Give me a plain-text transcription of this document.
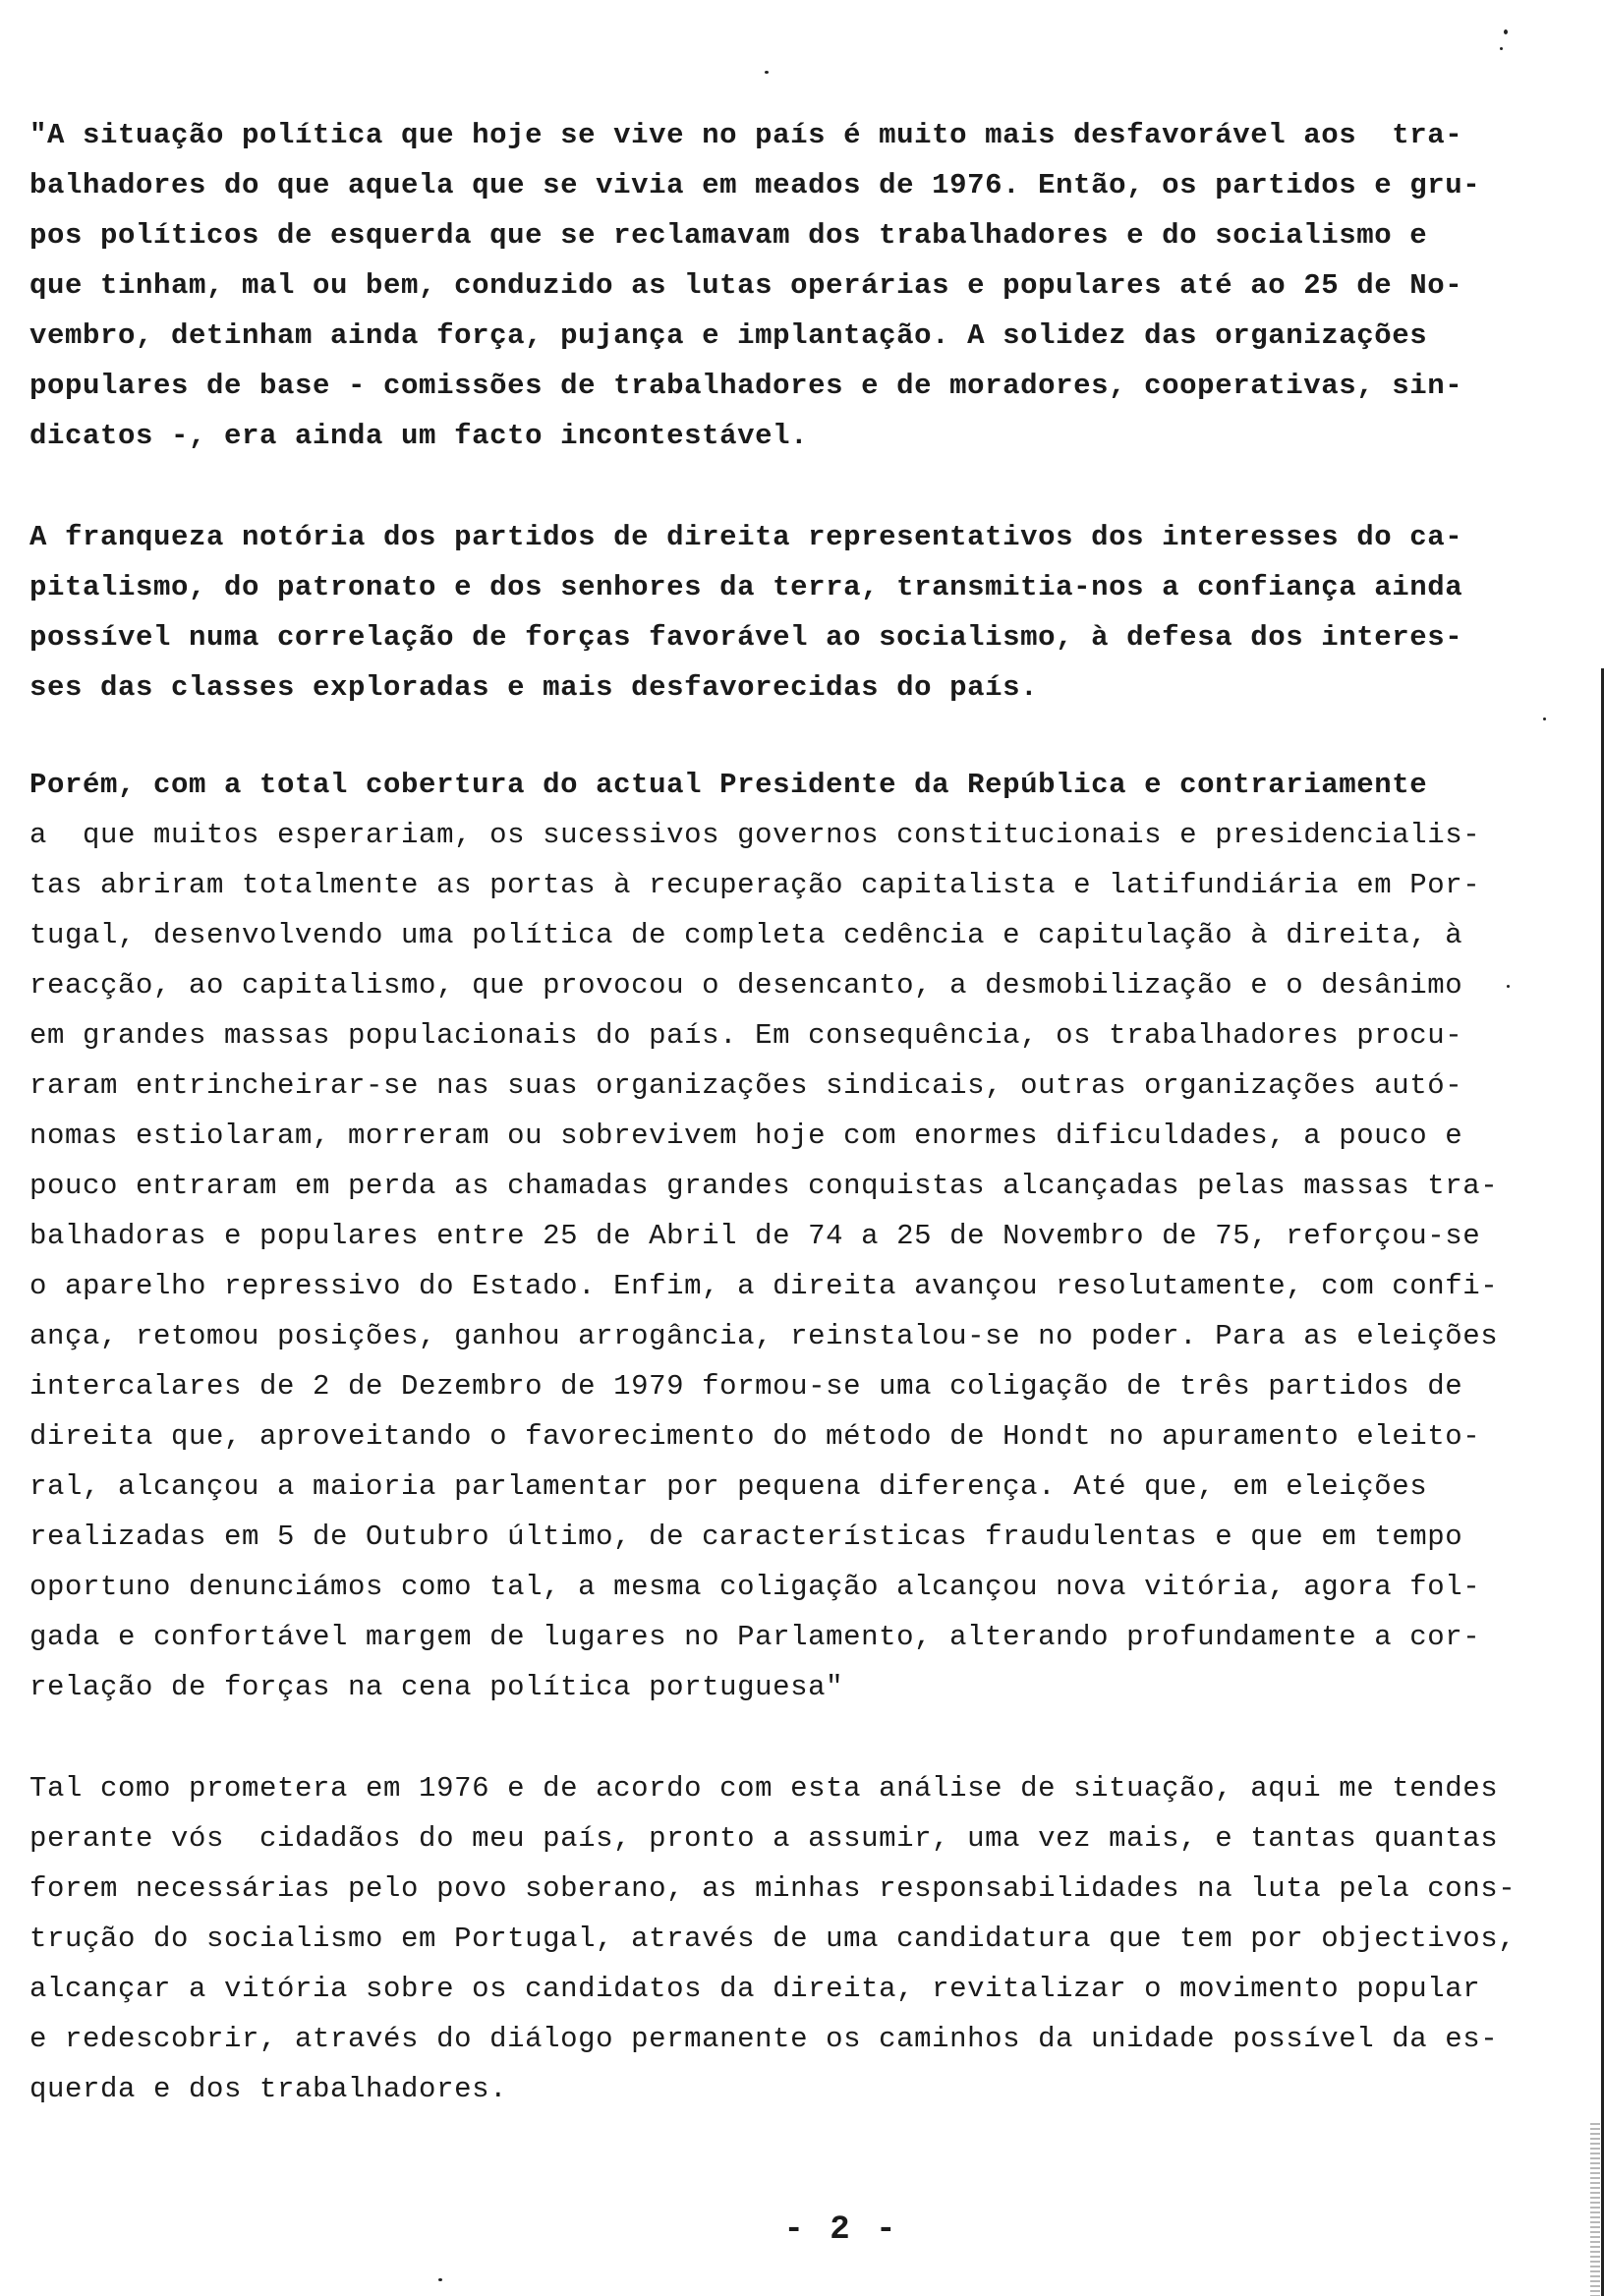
"A situação política que hoje se vive no país é muito mais desfavorável aos  tra-
balhadores do que aquela que se vivia em meados de 1976. Então, os partidos e gru-
pos políticos de esquerda que se reclamavam dos trabalhadores e do socialismo e
que tinham, mal ou bem, conduzido as lutas operárias e populares até ao 25 de No-
vembro, detinham ainda força, pujança e implantação. A solidez das organizações
populares de base - comissões de trabalhadores e de moradores, cooperativas, sin-
dicatos -, era ainda um facto incontestável.
A franqueza notória dos partidos de direita representativos dos interesses do ca-
pitalismo, do patronato e dos senhores da terra, transmitia-nos a confiança ainda
possível numa correlação de forças favorável ao socialismo, à defesa dos interes-
ses das classes exploradas e mais desfavorecidas do país.
Porém, com a total cobertura do actual Presidente da República e contrariamente
a  que muitos esperariam, os sucessivos governos constitucionais e presidencialis-
tas abriram totalmente as portas à recuperação capitalista e latifundiária em Por-
tugal, desenvolvendo uma política de completa cedência e capitulação à direita, à
reacção, ao capitalismo, que provocou o desencanto, a desmobilização e o desânimo
em grandes massas populacionais do país. Em consequência, os trabalhadores procu-
raram entrincheirar-se nas suas organizações sindicais, outras organizações autó-
nomas estiolaram, morreram ou sobrevivem hoje com enormes dificuldades, a pouco e
pouco entraram em perda as chamadas grandes conquistas alcançadas pelas massas tra-
balhadoras e populares entre 25 de Abril de 74 a 25 de Novembro de 75, reforçou-se
o aparelho repressivo do Estado. Enfim, a direita avançou resolutamente, com confi-
ança, retomou posições, ganhou arrogância, reinstalou-se no poder. Para as eleições
intercalares de 2 de Dezembro de 1979 formou-se uma coligação de três partidos de
direita que, aproveitando o favorecimento do método de Hondt no apuramento eleito-
ral, alcançou a maioria parlamentar por pequena diferença. Até que, em eleições
realizadas em 5 de Outubro último, de características fraudulentas e que em tempo
oportuno denunciámos como tal, a mesma coligação alcançou nova vitória, agora fol-
gada e confortável margem de lugares no Parlamento, alterando profundamente a cor-
relação de forças na cena política portuguesa"
Tal como prometera em 1976 e de acordo com esta análise de situação, aqui me tendes
perante vós  cidadãos do meu país, pronto a assumir, uma vez mais, e tantas quantas
forem necessárias pelo povo soberano, as minhas responsabilidades na luta pela cons-
trução do socialismo em Portugal, através de uma candidatura que tem por objectivos,
alcançar a vitória sobre os candidatos da direita, revitalizar o movimento popular
e redescobrir, através do diálogo permanente os caminhos da unidade possível da es-
querda e dos trabalhadores.
- 2 -
